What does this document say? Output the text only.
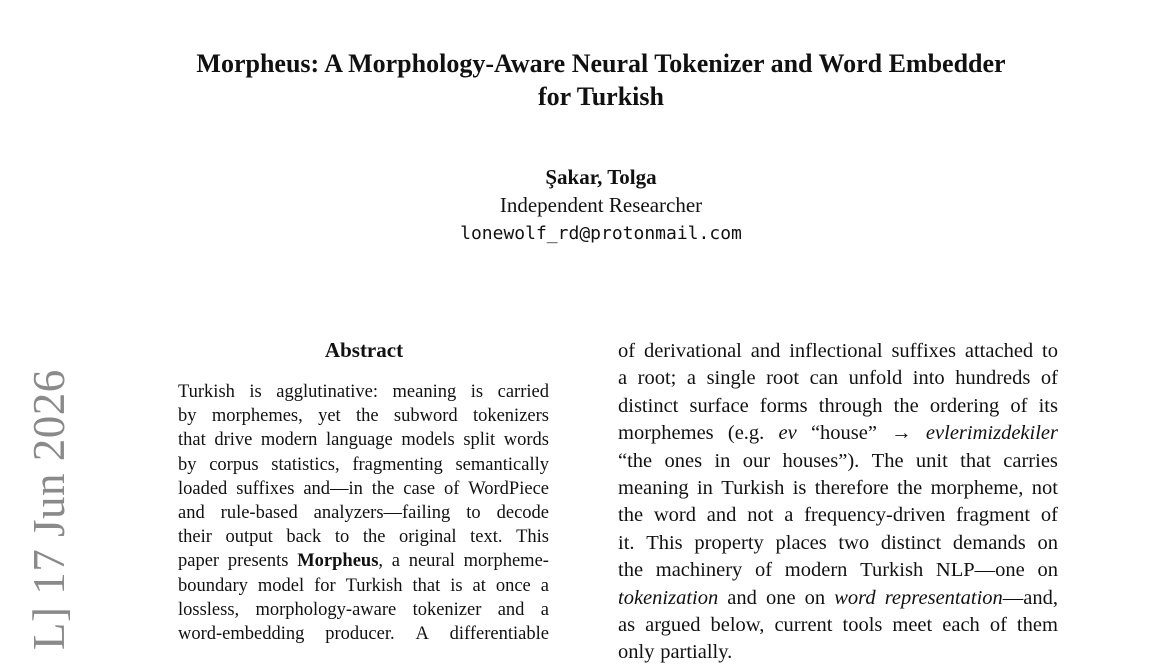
Morpheus: A Morphology-Aware Neural Tokenizer and Word Embedder
for Turkish
Şakar, Tolga
Independent Researcher
lonewolf_rd@protonmail.com
Abstract
Turkish is agglutinative: meaning is carried
by morphemes, yet the subword tokenizers
that drive modern language models split words
by corpus statistics, fragmenting semantically
loaded suffixes and—in the case of WordPiece
and rule-based analyzers—failing to decode
their output back to the original text. This
paper presents Morpheus, a neural morpheme-
boundary model for Turkish that is at once a
lossless, morphology-aware tokenizer and a
word-embedding producer. A differentiable
of derivational and inflectional suffixes attached to
a root; a single root can unfold into hundreds of
distinct surface forms through the ordering of its
morphemes (e.g. ev “house” → evlerimizdekiler
“the ones in our houses”). The unit that carries
meaning in Turkish is therefore the morpheme, not
the word and not a frequency-driven fragment of
it. This property places two distinct demands on
the machinery of modern Turkish NLP—one on
tokenization and one on word representation—and,
as argued below, current tools meet each of them
only partially.
L] 17 Jun 2026
